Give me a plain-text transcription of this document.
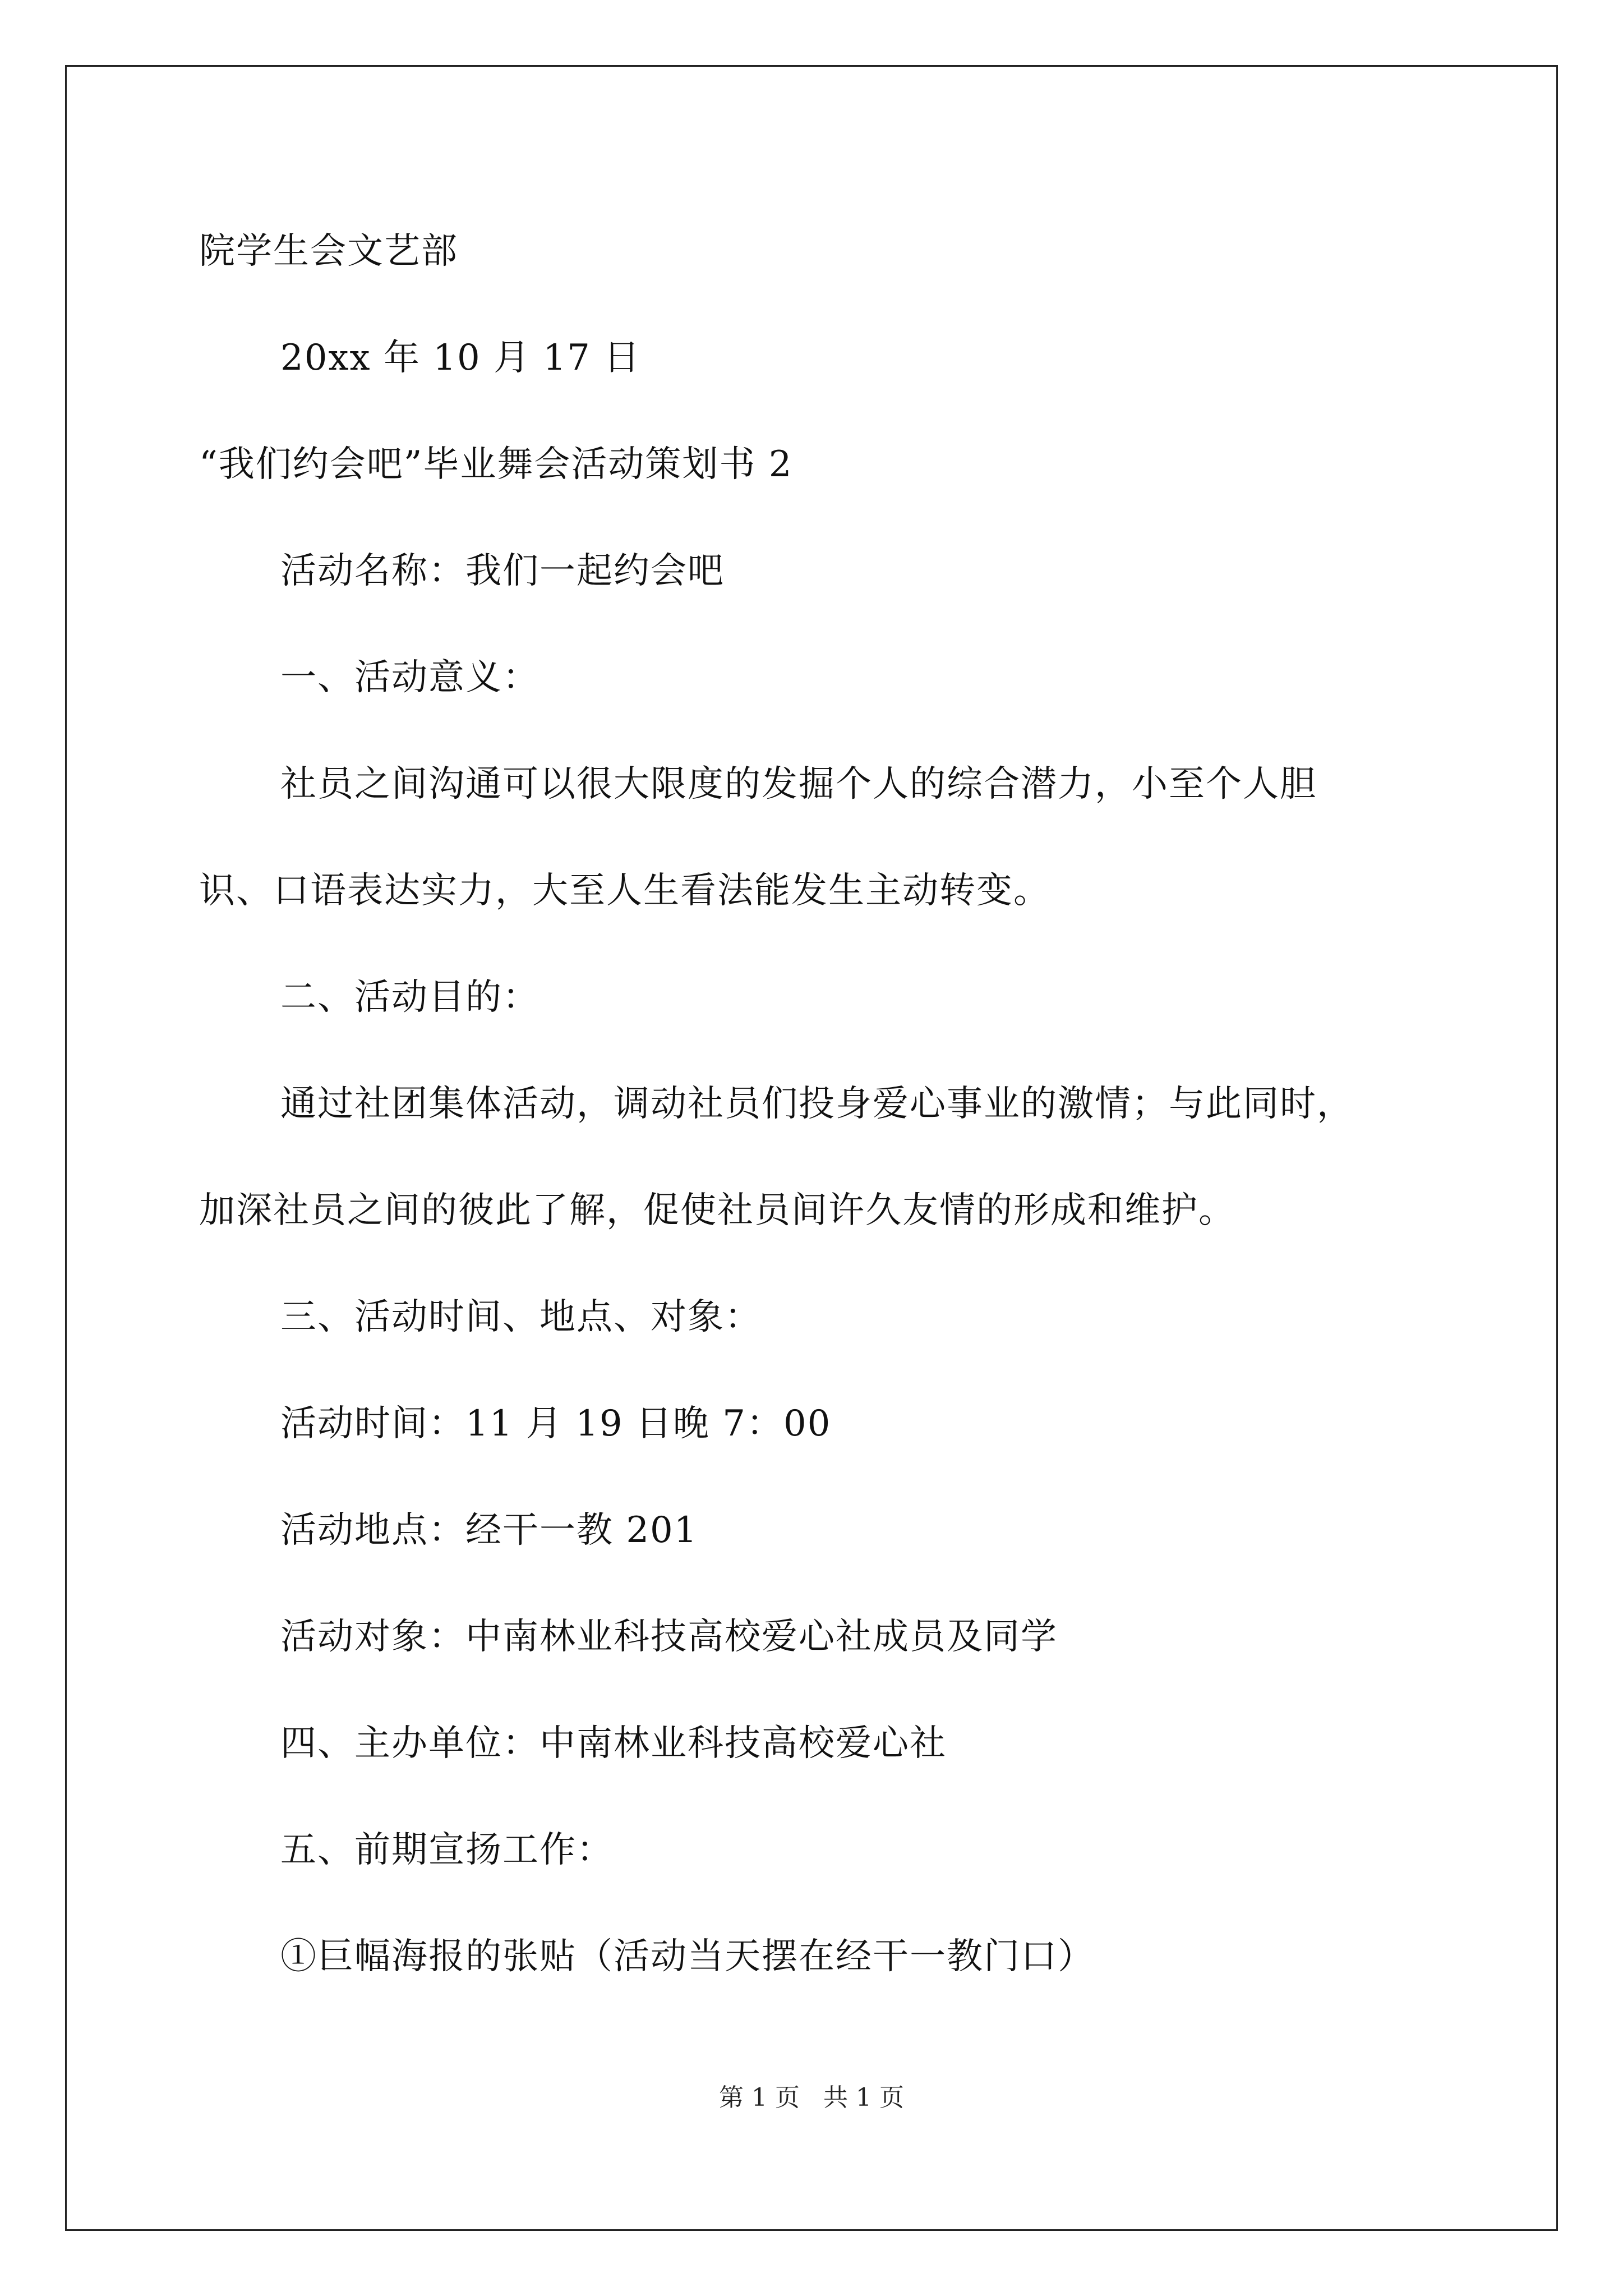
院学生会文艺部
20xx 年 10 月 17 日
“我们约会吧”毕业舞会活动策划书 2
活动名称：我们一起约会吧
一、活动意义：
社员之间沟通可以很大限度的发掘个人的综合潜力，小至个人胆
识、口语表达实力，大至人生看法能发生主动转变。
二、活动目的：
通过社团集体活动，调动社员们投身爱心事业的激情；与此同时，
加深社员之间的彼此了解，促使社员间许久友情的形成和维护。
三、活动时间、地点、对象：
活动时间：11 月 19 日晚 7：00
活动地点：经干一教 201
活动对象：中南林业科技高校爱心社成员及同学
四、主办单位：中南林业科技高校爱心社
五、前期宣扬工作：
①巨幅海报的张贴（活动当天摆在经干一教门口）
第 1 页   共 1 页
